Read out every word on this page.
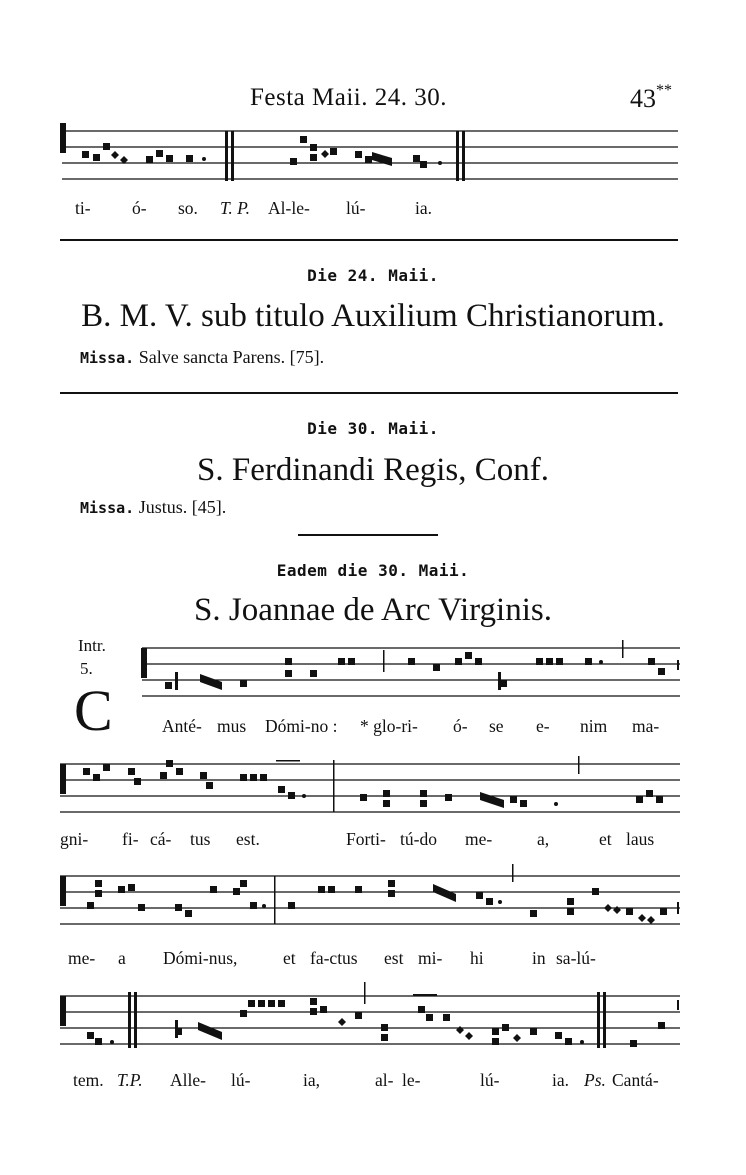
Festa Maii. 24. 30.	43**
ti- ó- so. T. P. Al-le- lú-	ia.
Die 24. Maii.
B. M. V. sub titulo Auxilium Christianorum.
Missa. Salve sancta Parens. [75].
Die 30. Maii.
S. Ferdinandi Regis, Conf.
Missa. Justus. [45].
Eadem die 30. Maii.
S. Joannae de Arc Virginis.
Intr.
5.
C	Anté- mus Dómi-no : * glo-ri- ó- se e- nim ma-
gni- fi- cá- tus est.	Forti- tú-do me-	a,	et laus
me- a Dómi-nus,	et fa-ctus est mi- hi	in sa-lú-
tem. T.P. Alle- lú-	ia,	al- le-	lú-	ia. Ps. Cantá-
